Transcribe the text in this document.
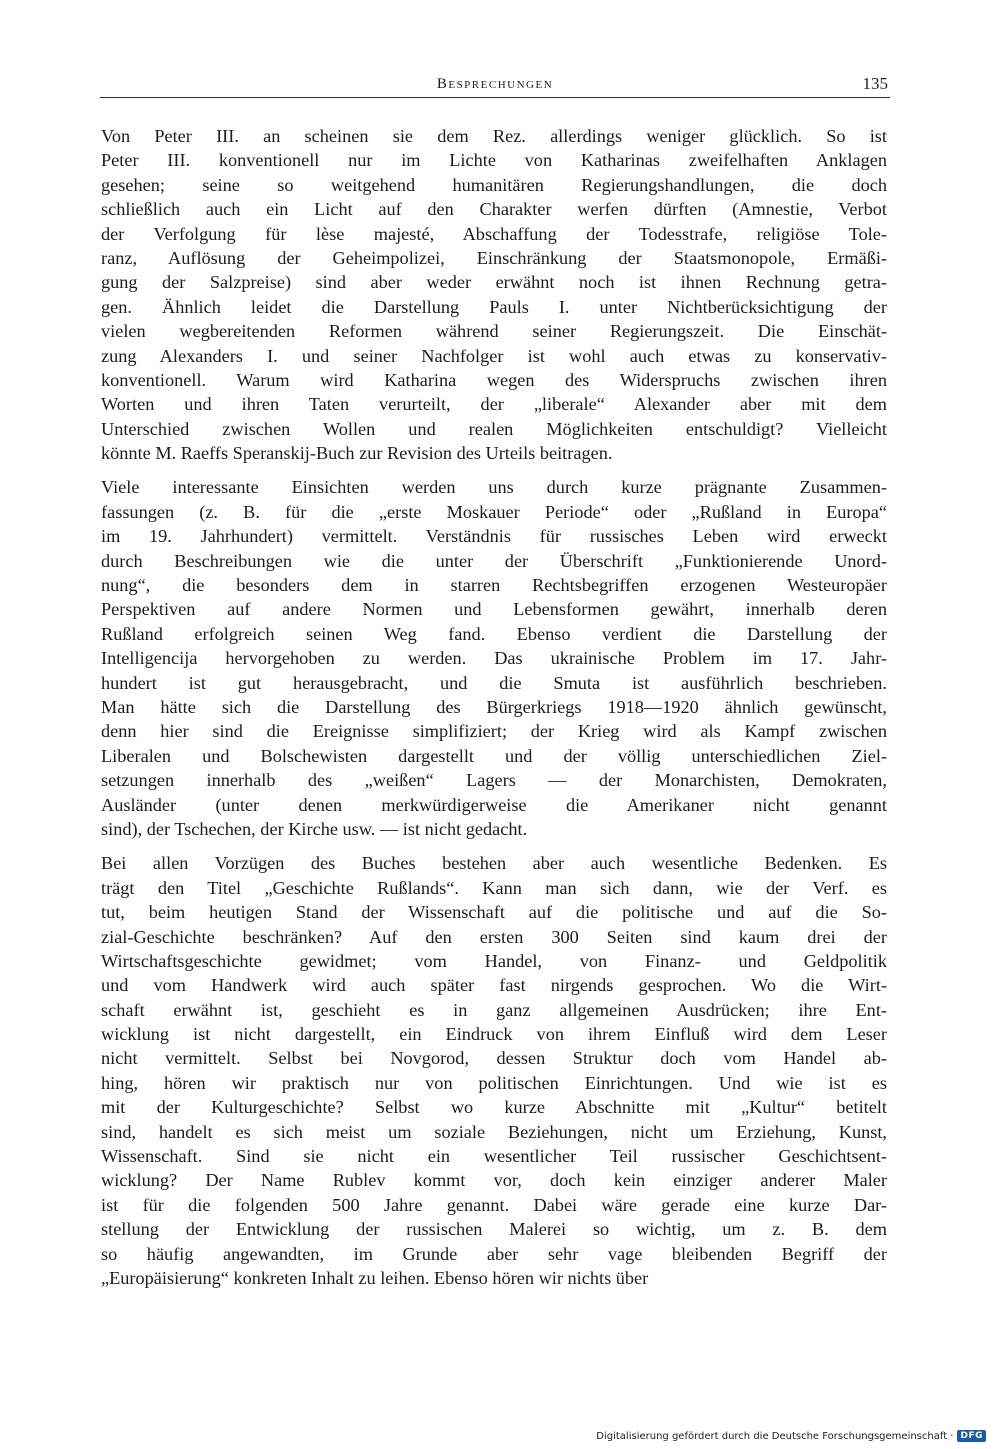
Besprechungen	135
Von Peter III. an scheinen sie dem Rez. allerdings weniger glücklich. So ist
Peter III. konventionell nur im Lichte von Katharinas zweifelhaften Anklagen
gesehen; seine so weitgehend humanitären Regierungshandlungen, die doch
schließlich auch ein Licht auf den Charakter werfen dürften (Amnestie, Verbot
der Verfolgung für lèse majesté, Abschaffung der Todesstrafe, religiöse Tole-
ranz, Auflösung der Geheimpolizei, Einschränkung der Staatsmonopole, Ermäßi-
gung der Salzpreise) sind aber weder erwähnt noch ist ihnen Rechnung getra-
gen. Ähnlich leidet die Darstellung Pauls I. unter Nichtberücksichtigung der
vielen wegbereitenden Reformen während seiner Regierungszeit. Die Einschät-
zung Alexanders I. und seiner Nachfolger ist wohl auch etwas zu konservativ-
konventionell. Warum wird Katharina wegen des Widerspruchs zwischen ihren
Worten und ihren Taten verurteilt, der „liberale“ Alexander aber mit dem
Unterschied zwischen Wollen und realen Möglichkeiten entschuldigt? Vielleicht
könnte M. Raeffs Speranskij-Buch zur Revision des Urteils beitragen.
Viele interessante Einsichten werden uns durch kurze prägnante Zusammen-
fassungen (z. B. für die „erste Moskauer Periode“ oder „Rußland in Europa“
im 19. Jahrhundert) vermittelt. Verständnis für russisches Leben wird erweckt
durch Beschreibungen wie die unter der Überschrift „Funktionierende Unord-
nung“, die besonders dem in starren Rechtsbegriffen erzogenen Westeuropäer
Perspektiven auf andere Normen und Lebensformen gewährt, innerhalb deren
Rußland erfolgreich seinen Weg fand. Ebenso verdient die Darstellung der
Intelligencija hervorgehoben zu werden. Das ukrainische Problem im 17. Jahr-
hundert ist gut herausgebracht, und die Smuta ist ausführlich beschrieben.
Man hätte sich die Darstellung des Bürgerkriegs 1918—1920 ähnlich gewünscht,
denn hier sind die Ereignisse simplifiziert; der Krieg wird als Kampf zwischen
Liberalen und Bolschewisten dargestellt und der völlig unterschiedlichen Ziel-
setzungen innerhalb des „weißen“ Lagers — der Monarchisten, Demokraten,
Ausländer (unter denen merkwürdigerweise die Amerikaner nicht genannt
sind), der Tschechen, der Kirche usw. — ist nicht gedacht.
Bei allen Vorzügen des Buches bestehen aber auch wesentliche Bedenken. Es
trägt den Titel „Geschichte Rußlands“. Kann man sich dann, wie der Verf. es
tut, beim heutigen Stand der Wissenschaft auf die politische und auf die So-
zial-Geschichte beschränken? Auf den ersten 300 Seiten sind kaum drei der
Wirtschaftsgeschichte gewidmet; vom Handel, von Finanz- und Geldpolitik
und vom Handwerk wird auch später fast nirgends gesprochen. Wo die Wirt-
schaft erwähnt ist, geschieht es in ganz allgemeinen Ausdrücken; ihre Ent-
wicklung ist nicht dargestellt, ein Eindruck von ihrem Einfluß wird dem Leser
nicht vermittelt. Selbst bei Novgorod, dessen Struktur doch vom Handel ab-
hing, hören wir praktisch nur von politischen Einrichtungen. Und wie ist es
mit der Kulturgeschichte? Selbst wo kurze Abschnitte mit „Kultur“ betitelt
sind, handelt es sich meist um soziale Beziehungen, nicht um Erziehung, Kunst,
Wissenschaft. Sind sie nicht ein wesentlicher Teil russischer Geschichtsent-
wicklung? Der Name Rublev kommt vor, doch kein einziger anderer Maler
ist für die folgenden 500 Jahre genannt. Dabei wäre gerade eine kurze Dar-
stellung der Entwicklung der russischen Malerei so wichtig, um z. B. dem
so häufig angewandten, im Grunde aber sehr vage bleibenden Begriff der
„Europäisierung“ konkreten Inhalt zu leihen. Ebenso hören wir nichts über
Digitalisierung gefördert durch die Deutsche Forschungsgemeinschaft · DFG
